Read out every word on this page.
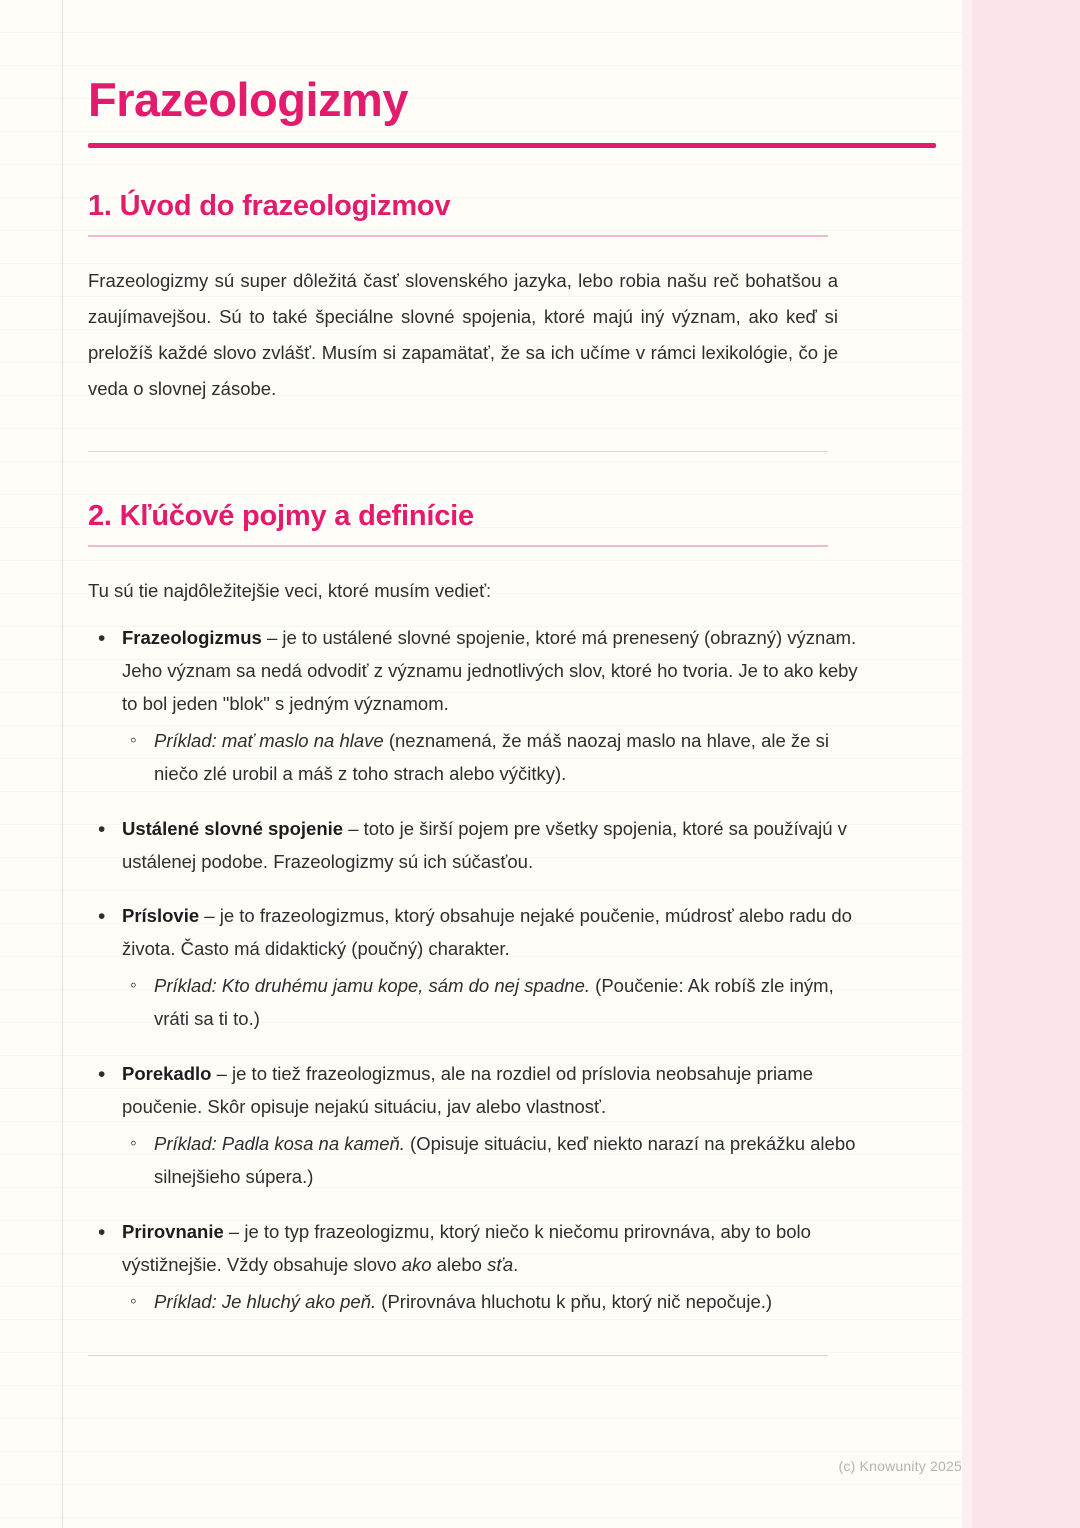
Frazeologizmy
1. Úvod do frazeologizmov

Frazeologizmy sú super dôležitá časť slovenského jazyka, lebo robia našu reč bohatšou a zaujímavejšou. Sú to také špeciálne slovné spojenia, ktoré majú iný význam, ako keď si preložíš každé slovo zvlášť. Musím si zapamätať, že sa ich učíme v rámci lexikológie, čo je veda o slovnej zásobe.

2. Kľúčové pojmy a definície

Tu sú tie najdôležitejšie veci, ktoré musím vedieť:

• Frazeologizmus – je to ustálené slovné spojenie, ktoré má prenesený (obrazný) význam. Jeho význam sa nedá odvodiť z významu jednotlivých slov, ktoré ho tvoria. Je to ako keby to bol jeden "blok" s jedným významom.
◦ Príklad: mať maslo na hlave (neznamená, že máš naozaj maslo na hlave, ale že si niečo zlé urobil a máš z toho strach alebo výčitky).
• Ustálené slovné spojenie – toto je širší pojem pre všetky spojenia, ktoré sa používajú v ustálenej podobe. Frazeologizmy sú ich súčasťou.
• Príslovie – je to frazeologizmus, ktorý obsahuje nejaké poučenie, múdrosť alebo radu do života. Často má didaktický (poučný) charakter.
◦ Príklad: Kto druhému jamu kope, sám do nej spadne. (Poučenie: Ak robíš zle iným, vráti sa ti to.)
• Porekadlo – je to tiež frazeologizmus, ale na rozdiel od príslovia neobsahuje priame poučenie. Skôr opisuje nejakú situáciu, jav alebo vlastnosť.
◦ Príklad: Padla kosa na kameň. (Opisuje situáciu, keď niekto narazí na prekážku alebo silnejšieho súpera.)
• Prirovnanie – je to typ frazeologizmu, ktorý niečo k niečomu prirovnáva, aby to bolo výstižnejšie. Vždy obsahuje slovo ako alebo sťa.
◦ Príklad: Je hluchý ako peň. (Prirovnáva hluchotu k pňu, ktorý nič nepočuje.)
(c) Knowunity 2025
